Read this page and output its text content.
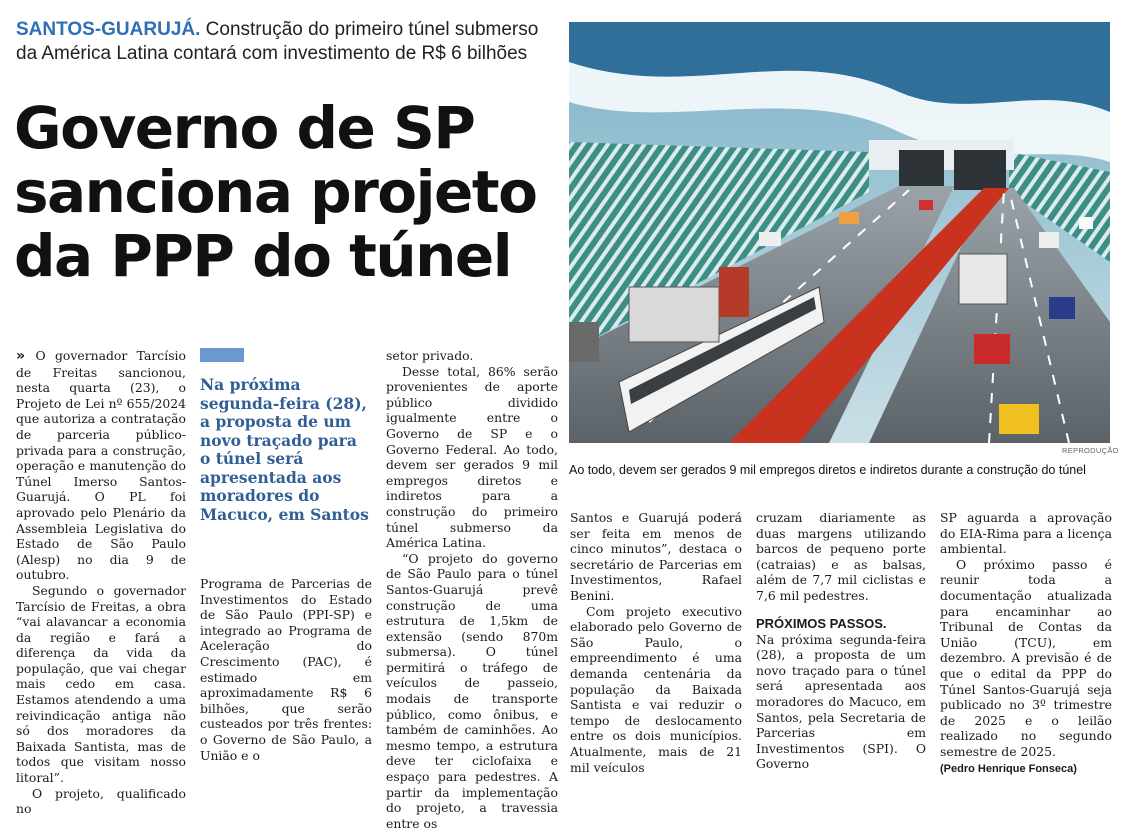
SANTOS-GUARUJÁ. Construção do primeiro túnel submerso da América Latina contará com investimento de R$ 6 bilhões
Governo de SP
sanciona projeto
da PPP do túnel

» O governador Tarcísio de Freitas sancionou, nesta quarta (23), o Projeto de Lei nº 655/2024 que autoriza a contratação de parceria público-privada para a construção, operação e manutenção do Túnel Imerso Santos-Guarujá. O PL foi aprovado pelo Plenário da Assembleia Legislativa do Estado de São Paulo (Alesp) no dia 9 de outubro.

Segundo o governador Tarcísio de Freitas, a obra “vai alavancar a economia da região e fará a diferença da vida da população, que vai chegar mais cedo em casa. Estamos atendendo a uma reivindicação antiga não só dos moradores da Baixada Santista, mas de todos que visitam nosso litoral”.

O projeto, qualificado no

Na próxima segunda-feira (28), a proposta de um novo traçado para o túnel será apresentada aos moradores do Macuco, em Santos

Programa de Parcerias de Investimentos do Estado de São Paulo (PPI-SP) e integrado ao Programa de Aceleração do Crescimento (PAC), é estimado em aproximadamente R$ 6 bilhões, que serão custeados por três frentes: o Governo de São Paulo, a União e o

setor privado.

Desse total, 86% serão provenientes de aporte público dividido igualmente entre o Governo de SP e o Governo Federal. Ao todo, devem ser gerados 9 mil empregos diretos e indiretos para a construção do primeiro túnel submerso da América Latina.

“O projeto do governo de São Paulo para o túnel Santos-Guarujá prevê construção de uma estrutura de 1,5km de extensão (sendo 870m submersa). O túnel permitirá o tráfego de veículos de passeio, modais de transporte público, como ônibus, e também de caminhões. Ao mesmo tempo, a estrutura deve ter ciclofaixa e espaço para pedestres. A partir da implementação do projeto, a travessia entre os

REPRODUÇÃO
Ao todo, devem ser gerados 9 mil empregos diretos e indiretos durante a construção do túnel

Santos e Guarujá poderá ser feita em menos de cinco minutos”, destaca o secretário de Parcerias em Investimentos, Rafael Benini.

Com projeto executivo elaborado pelo Governo de São Paulo, o empreendimento é uma demanda centenária da população da Baixada Santista e vai reduzir o tempo de deslocamento entre os dois municípios. Atualmente, mais de 21 mil veículos

cruzam diariamente as duas margens utilizando barcos de pequeno porte (catraias) e as balsas, além de 7,7 mil ciclistas e 7,6 mil pedestres.

PRÓXIMOS PASSOS.

Na próxima segunda-feira (28), a proposta de um novo traçado para o túnel será apresentada aos moradores do Macuco, em Santos, pela Secretaria de Parcerias em Investimentos (SPI). O Governo

SP aguarda a aprovação do EIA-Rima para a licença ambiental.

O próximo passo é reunir toda a documentação atualizada para encaminhar ao Tribunal de Contas da União (TCU), em dezembro. A previsão é de que o edital da PPP do Túnel Santos-Guarujá seja publicado no 3º trimestre de 2025 e o leilão realizado no segundo semestre de 2025.

(Pedro Henrique Fonseca)
